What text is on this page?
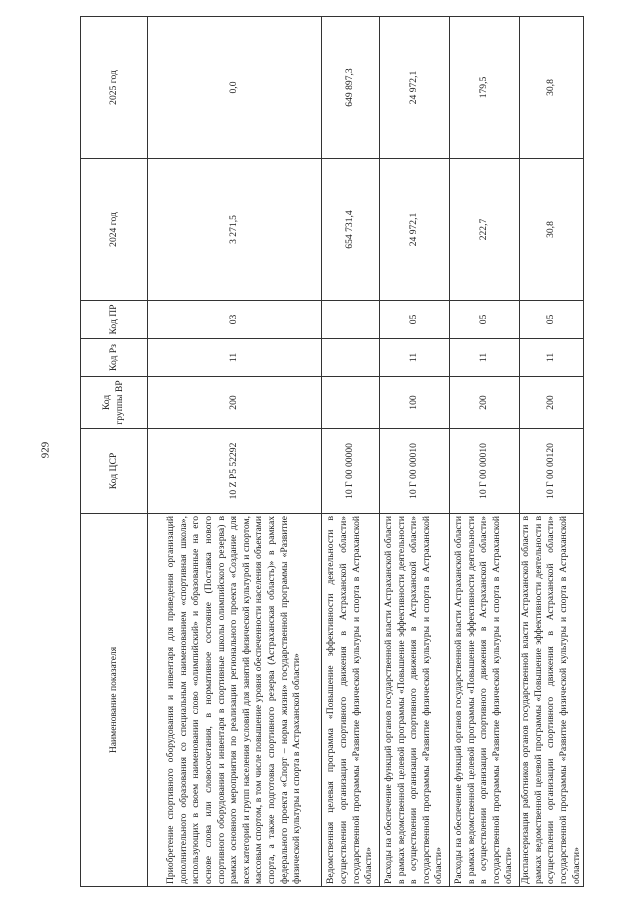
929
Наименование показателя	Код ЦСР	Код группы ВР	Код Рз	Код ПР	2024 год	2025 год
Приобретение спортивного оборудования и инвентаря для приведения организаций дополнительного образования со специальным наименованием «спортивная школа», использующих в своем наименовании слово «олимпийский» и образованные на его основе слова или словосочетания, в нормативное состояние (Поставка нового спортивного оборудования и инвентаря в спортивные школы олимпийского резерва) в рамках основного мероприятия по реализации регионального проекта «Создание для всех категорий и групп населения условий для занятий физической культурой и спортом, массовым спортом, в том числе повышение уровня обеспеченности населения объектами спорта, а также подготовка спортивного резерва (Астраханская область)» в рамках федерального проекта «Спорт – норма жизни» государственной программы «Развитие физической культуры и спорта в Астраханской области»	10 Z P5 52292	200	11	03	3 271,5	0,0
Ведомственная целевая программа «Повышение эффективности деятельности в осуществлении организации спортивного движения в Астраханской области» государственной программы «Развитие физической культуры и спорта в Астраханской области»	10 Г 00 00000				654 731,4	649 897,3
Расходы на обеспечение функций органов государственной власти Астраханской области в рамках ведомственной целевой программы «Повышение эффективности деятельности в осуществлении организации спортивного движения в Астраханской области» государственной программы «Развитие физической культуры и спорта в Астраханской области»	10 Г 00 00010	100	11	05	24 972,1	24 972,1
Расходы на обеспечение функций органов государственной власти Астраханской области в рамках ведомственной целевой программы «Повышение эффективности деятельности в осуществлении организации спортивного движения в Астраханской области» государственной программы «Развитие физической культуры и спорта в Астраханской области»	10 Г 00 00010	200	11	05	222,7	179,5
Диспансеризация работников органов государственной власти Астраханской области в рамках ведомственной целевой программы «Повышение эффективности деятельности в осуществлении организации спортивного движения в Астраханской области» государственной программы «Развитие физической культуры и спорта в Астраханской области»	10 Г 00 00120	200	11	05	30,8	30,8
